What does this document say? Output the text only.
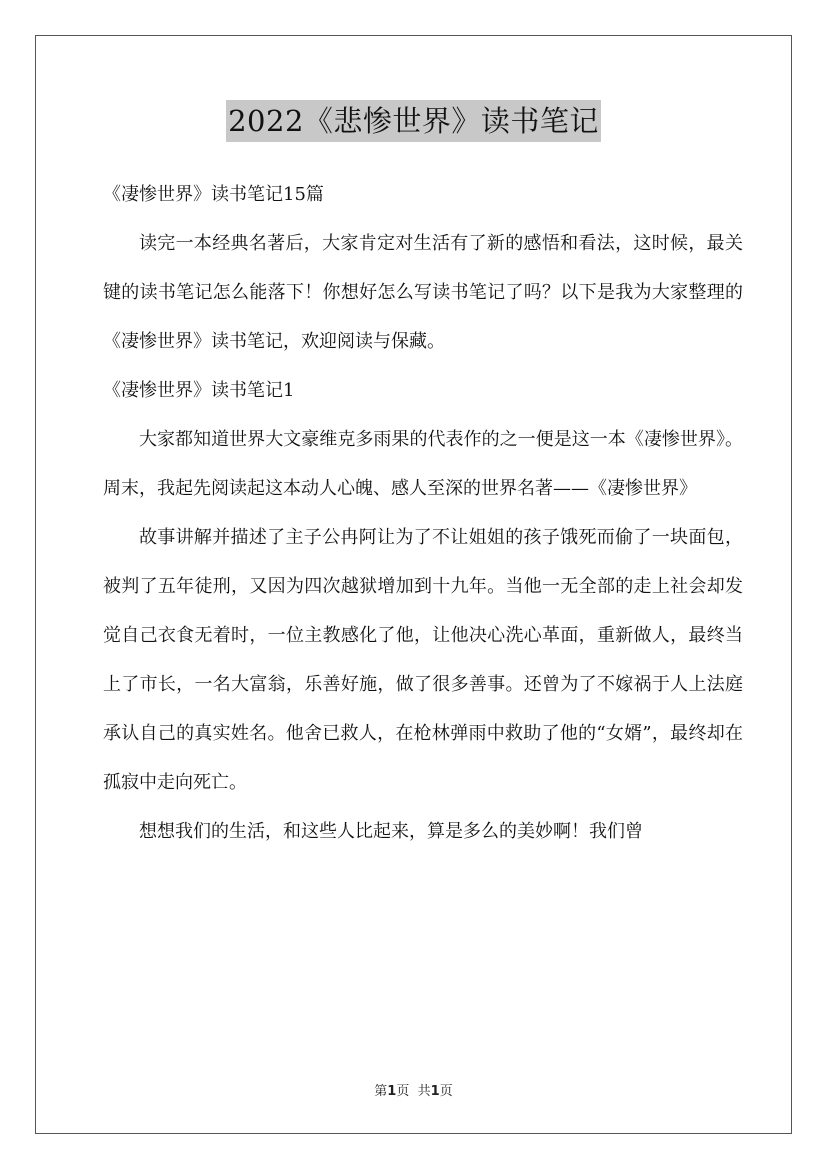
2022《悲惨世界》读书笔记

《凄惨世界》读书笔记15篇

读完一本经典名著后，大家肯定对生活有了新的感悟和看法，这时候，最关键的读书笔记怎么能落下！你想好怎么写读书笔记了吗？以下是我为大家整理的《凄惨世界》读书笔记，欢迎阅读与保藏。

《凄惨世界》读书笔记1

大家都知道世界大文豪维克多雨果的代表作的之一便是这一本《凄惨世界》。周末，我起先阅读起这本动人心魄、感人至深的世界名著——《凄惨世界》

故事讲解并描述了主子公冉阿让为了不让姐姐的孩子饿死而偷了一块面包，被判了五年徒刑，又因为四次越狱增加到十九年。当他一无全部的走上社会却发觉自己衣食无着时，一位主教感化了他，让他决心洗心革面，重新做人，最终当上了市长，一名大富翁，乐善好施，做了很多善事。还曾为了不嫁祸于人上法庭承认自己的真实姓名。他舍已救人，在枪林弹雨中救助了他的“女婿”，最终却在孤寂中走向死亡。

想想我们的生活，和这些人比起来，算是多么的美妙啊！我们曾

第1页 共1页
